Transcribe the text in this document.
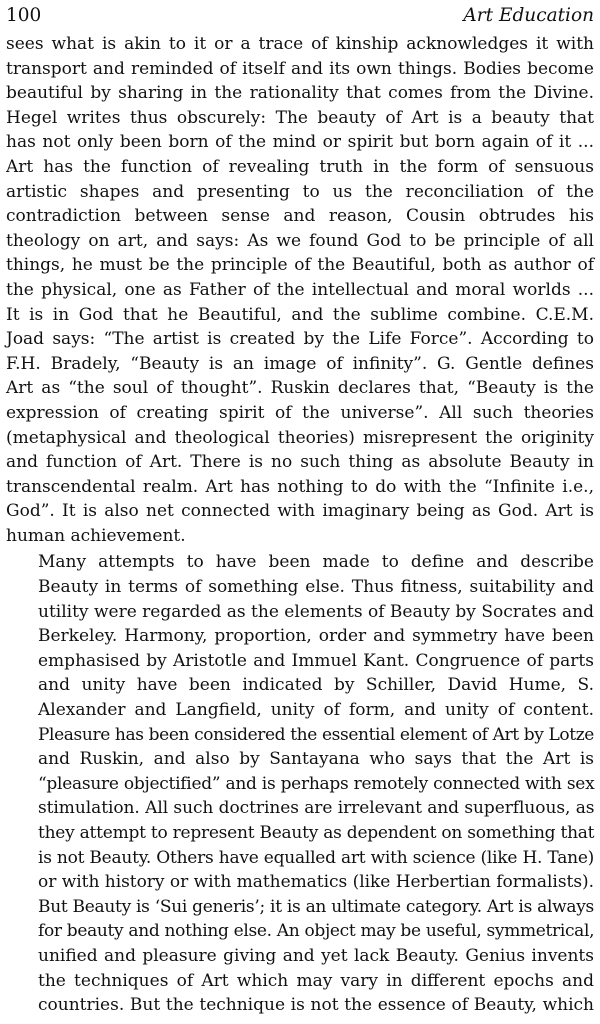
100	Art Education

sees what is akin to it or a trace of kinship acknowledges it with
transport and reminded of itself and its own things. Bodies become
beautiful by sharing in the rationality that comes from the Divine.
Hegel writes thus obscurely: The beauty of Art is a beauty that
has not only been born of the mind or spirit but born again of it ...
Art has the function of revealing truth in the form of sensuous
artistic shapes and presenting to us the reconciliation of the
contradiction between sense and reason, Cousin obtrudes his
theology on art, and says: As we found God to be principle of all
things, he must be the principle of the Beautiful, both as author of
the physical, one as Father of the intellectual and moral worlds ...
It is in God that he Beautiful, and the sublime combine. C.E.M.
Joad says: “The artist is created by the Life Force”. According to
F.H. Bradely, “Beauty is an image of infinity”. G. Gentle defines
Art as “the soul of thought”. Ruskin declares that, “Beauty is the
expression of creating spirit of the universe”. All such theories
(metaphysical and theological theories) misrepresent the originity
and function of Art. There is no such thing as absolute Beauty in
transcendental realm. Art has nothing to do with the “Infinite i.e.,
God”. It is also net connected with imaginary being as God. Art is
human achievement.

Many attempts to have been made to define and describe
Beauty in terms of something else. Thus fitness, suitability and
utility were regarded as the elements of Beauty by Socrates and
Berkeley. Harmony, proportion, order and symmetry have been
emphasised by Aristotle and Immuel Kant. Congruence of parts
and unity have been indicated by Schiller, David Hume, S.
Alexander and Langfield, unity of form, and unity of content.
Pleasure has been considered the essential element of Art by Lotze
and Ruskin, and also by Santayana who says that the Art is
“pleasure objectified” and is perhaps remotely connected with sex
stimulation. All such doctrines are irrelevant and superfluous, as
they attempt to represent Beauty as dependent on something that
is not Beauty. Others have equalled art with science (like H. Tane)
or with history or with mathematics (like Herbertian formalists).
But Beauty is ‘Sui generis’; it is an ultimate category. Art is always
for beauty and nothing else. An object may be useful, symmetrical,
unified and pleasure giving and yet lack Beauty. Genius invents
the techniques of Art which may vary in different epochs and
countries. But the technique is not the essence of Beauty, which
